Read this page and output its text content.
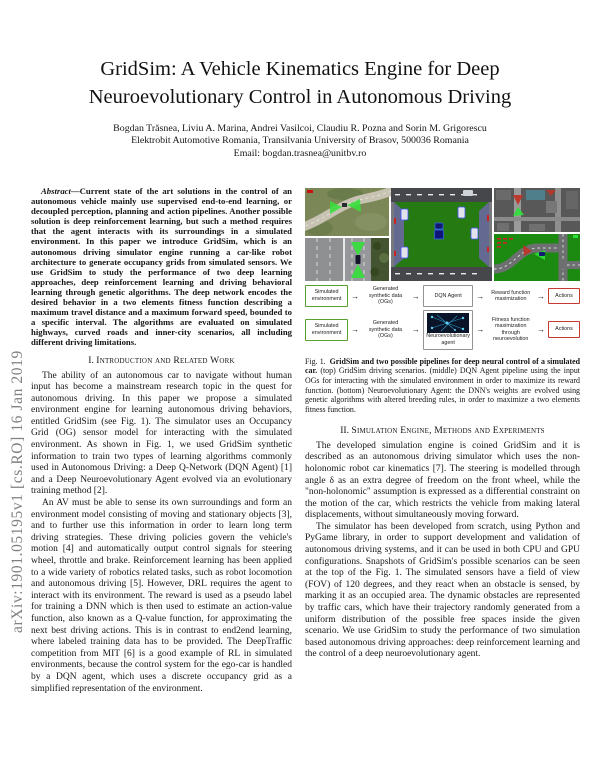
arXiv:1901.05195v1 [cs.RO] 16 Jan 2019
GridSim: A Vehicle Kinematics Engine for Deep Neuroevolutionary Control in Autonomous Driving
Bogdan Trăsnea, Liviu A. Marina, Andrei Vasilcoi, Claudiu R. Pozna and Sorin M. Grigorescu
Elektrobit Automotive Romania, Transilvania University of Brasov, 500036 Romania
Email: bogdan.trasnea@unitbv.ro
Abstract—Current state of the art solutions in the control of an autonomous vehicle mainly use supervised end-to-end learning, or decoupled perception, planning and action pipelines. Another possible solution is deep reinforcement learning, but such a method requires that the agent interacts with its surroundings in a simulated environment. In this paper we introduce GridSim, which is an autonomous driving simulator engine running a car-like robot architecture to generate occupancy grids from simulated sensors. We use GridSim to study the performance of two deep learning approaches, deep reinforcement learning and driving behavioral learning through genetic algorithms. The deep network encodes the desired behavior in a two elements fitness function describing a maximum travel distance and a maximum forward speed, bounded to a specific interval. The algorithms are evaluated on simulated highways, curved roads and inner-city scenarios, all including different driving limitations.
I. Introduction and Related Work

The ability of an autonomous car to navigate without human input has become a mainstream research topic in the quest for autonomous driving. In this paper we propose a simulated environment engine for learning autonomous driving behaviors, entitled GridSim (see Fig. 1). The simulator uses an Occupancy Grid (OG) sensor model for interacting with the simulated environment. As shown in Fig. 1, we used GridSim synthetic information to train two types of learning algorithms commonly used in Autonomous Driving: a Deep Q-Network (DQN Agent) [1] and a Deep Neuroevolutionary Agent evolved via an evolutionary training method [2].

An AV must be able to sense its own surroundings and form an environment model consisting of moving and stationary objects [3], and to further use this information in order to learn long term driving strategies. These driving policies govern the vehicle's motion [4] and automatically output control signals for steering wheel, throttle and brake. Reinforcement learning has been applied to a wide variety of robotics related tasks, such as robot locomotion and autonomous driving [5]. However, DRL requires the agent to interact with its environment. The reward is used as a pseudo label for training a DNN which is then used to estimate an action-value function, also known as a Q-value function, for approximating the next best driving actions. This is in contrast to end2end learning, where labeled training data has to be provided. The DeepTraffic competition from MIT [6] is a good example of RL in simulated environments, because the control system for the ego-car is handled by a DQN agent, which uses a discrete occupancy grid as a simplified representation of the environment.

Simulated environment	→
Generated synthetic data (OGs)
→	DQN Agent	→	Reward function maximization	→	Actions
Simulated environment	→
Generated synthetic data (OGs)
→
Neuroevolutionary agent
→
Fitness function maximization through neuroevolution
→	Actions
Fig. 1. GridSim and two possible pipelines for deep neural control of a simulated car. (top) GridSim driving scenarios. (middle) DQN Agent pipeline using the input OGs for interacting with the simulated environment in order to maximize its reward function. (bottom) Neuroevolutionary Agent: the DNN's weights are evolved using genetic algorithms with altered breeding rules, in order to maximize a two elements fitness function.
II. Simulation Engine, Methods and Experiments

The developed simulation engine is coined GridSim and it is described as an autonomous driving simulator which uses the non-holonomic robot car kinematics [7]. The steering is modelled through angle δ as an extra degree of freedom on the front wheel, while the "non-holonomic" assumption is expressed as a differential constraint on the motion of the car, which restricts the vehicle from making lateral displacements, without simultaneously moving forward.

The simulator has been developed from scratch, using Python and PyGame library, in order to support development and validation of autonomous driving systems, and it can be used in both CPU and GPU configurations. Snapshots of GridSim's possible scenarios can be seen at the top of the Fig. 1. The simulated sensors have a field of view (FOV) of 120 degrees, and they react when an obstacle is sensed, by marking it as an occupied area. The dynamic obstacles are represented by traffic cars, which have their trajectory randomly generated from a uniform distribution of the possible free spaces inside the given scenario. We use GridSim to study the performance of two simulation based autonomous driving approaches: deep reinforcement learning and the control of a deep neuroevolutionary agent.
